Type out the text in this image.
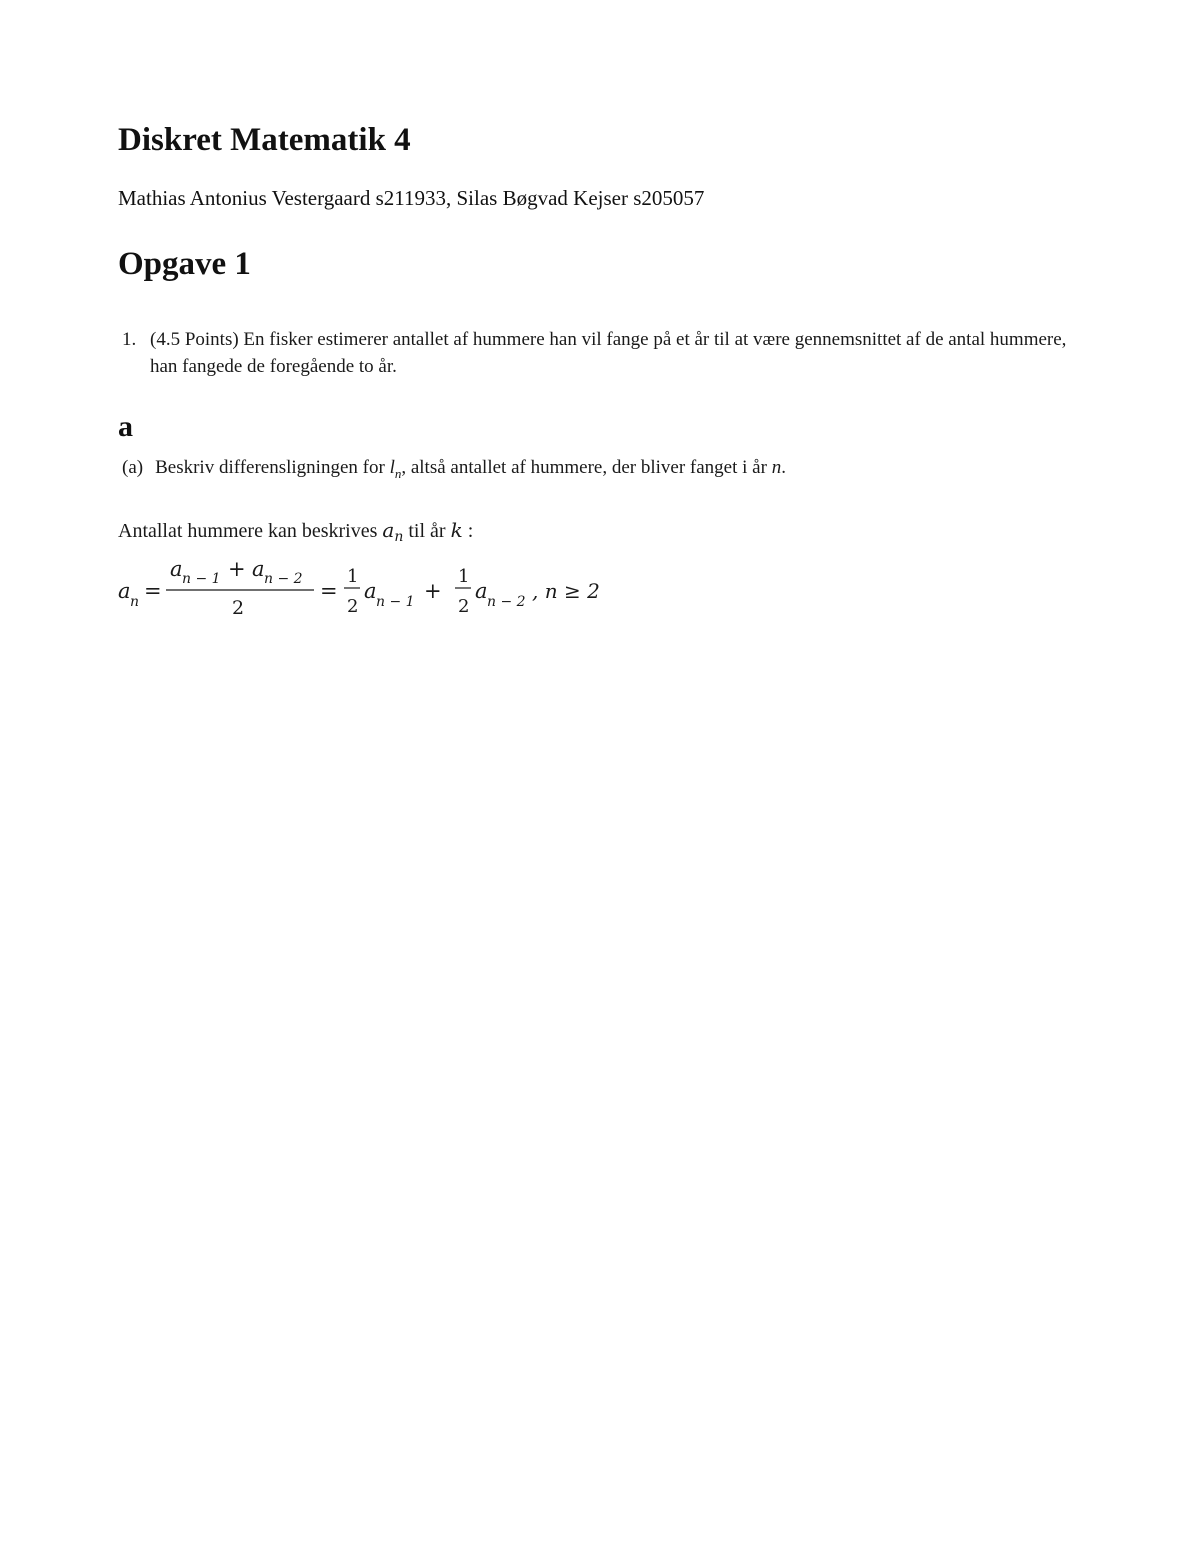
Diskret Matematik 4

Mathias Antonius Vestergaard s211933, Silas Bøgvad Kejser s205057

Opgave 1
1. (4.5 Points) En fisker estimerer antallet af hummere han vil fange på et år til at være gennemsnittet af de antal hummere, han fangede de foregående to år.
a
(a) Beskriv differensligningen for $l_n$, altså antallet af hummere, der bliver fanget i år n.
Antallat hummere kan beskrives $a_n$ til år k :
a n =
a n − 1 + a n − 2
2
=
1
2
a n − 1 +
1
2
a n − 2 , n ≥ 2
